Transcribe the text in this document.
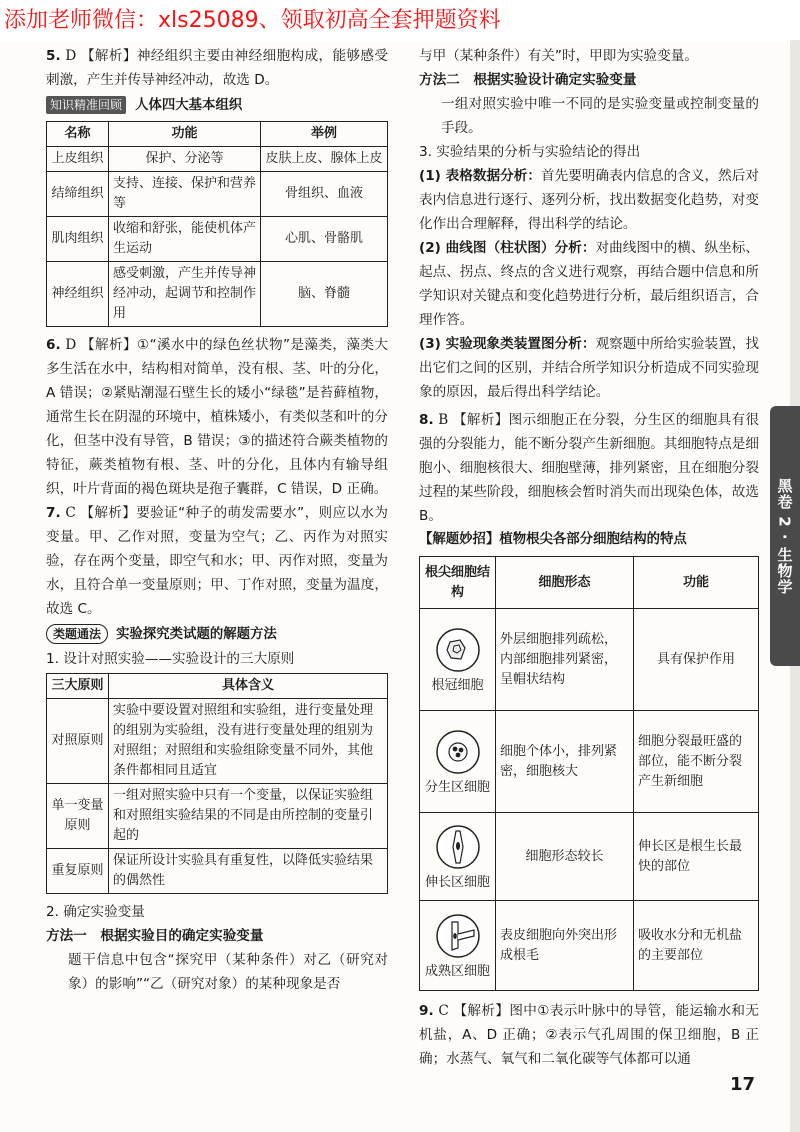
添加老师微信：xls25089、领取初高全套押题资料
黑卷 2 · 生物学

5. D 【解析】神经组织主要由神经细胞构成，能够感受刺激，产生并传导神经冲动，故选 D。

知识精准回顾 人体四大基本组织
名称	功能	举例
上皮组织	保护、分泌等	皮肤上皮、腺体上皮
结缔组织	支持、连接、保护和营养等	骨组织、血液
肌肉组织	收缩和舒张，能使机体产生运动	心肌、骨骼肌
神经组织	感受刺激，产生并传导神经冲动，起调节和控制作用	脑、脊髓

6. D 【解析】①“溪水中的绿色丝状物”是藻类，藻类大多生活在水中，结构相对简单，没有根、茎、叶的分化，A 错误；②紧贴潮湿石壁生长的矮小“绿毯”是苔藓植物，通常生长在阴湿的环境中，植株矮小，有类似茎和叶的分化，但茎中没有导管，B 错误；③的描述符合蕨类植物的特征，蕨类植物有根、茎、叶的分化，且体内有输导组织，叶片背面的褐色斑块是孢子囊群，C 错误，D 正确。

7. C 【解析】要验证“种子的萌发需要水”，则应以水为变量。甲、乙作对照，变量为空气；乙、丙作为对照实验，存在两个变量，即空气和水；甲、丙作对照，变量为水，且符合单一变量原则；甲、丁作对照，变量为温度，故选 C。

类题通法 实验探究类试题的解题方法
1. 设计对照实验——实验设计的三大原则
三大原则	具体含义
对照原则	实验中要设置对照组和实验组，进行变量处理的组别为实验组，没有进行变量处理的组别为对照组；对照组和实验组除变量不同外，其他条件都相同且适宜
单一变量原则	一组对照实验中只有一个变量，以保证实验组和对照组实验结果的不同是由所控制的变量引起的
重复原则	保证所设计实验具有重复性，以降低实验结果的偶然性
2. 确定实验变量
方法一　根据实验目的确定实验变量

题干信息中包含“探究甲（某种条件）对乙（研究对象）的影响”“乙（研究对象）的某种现象是否

与甲（某种条件）有关”时，甲即为实验变量。

方法二　根据实验设计确定实验变量

一组对照实验中唯一不同的是实验变量或控制变量的手段。

3. 实验结果的分析与实验结论的得出

(1) 表格数据分析：首先要明确表内信息的含义，然后对表内信息进行逐行、逐列分析，找出数据变化趋势，对变化作出合理解释，得出科学的结论。

(2) 曲线图（柱状图）分析：对曲线图中的横、纵坐标、起点、拐点、终点的含义进行观察，再结合题中信息和所学知识对关键点和变化趋势进行分析，最后组织语言，合理作答。

(3) 实验现象类装置图分析：观察题中所给实验装置，找出它们之间的区别，并结合所学知识分析造成不同实验现象的原因，最后得出科学结论。

8. B 【解析】图示细胞正在分裂，分生区的细胞具有很强的分裂能力，能不断分裂产生新细胞。其细胞特点是细胞小、细胞核很大、细胞壁薄，排列紧密，且在细胞分裂过程的某些阶段，细胞核会暂时消失而出现染色体，故选 B。

【解题妙招】植物根尖各部分细胞结构的特点
根尖细胞结构	细胞形态	功能

根冠细胞	外层细胞排列疏松，内部细胞排列紧密，呈帽状结构	具有保护作用

分生区细胞	细胞个体小，排列紧密，细胞核大	细胞分裂最旺盛的部位，能不断分裂产生新细胞

伸长区细胞	细胞形态较长	伸长区是根生长最快的部位

成熟区细胞	表皮细胞向外突出形成根毛	吸收水分和无机盐的主要部位

9. C 【解析】图中①表示叶脉中的导管，能运输水和无机盐，A、D 正确；②表示气孔周围的保卫细胞，B 正确；水蒸气、氧气和二氧化碳等气体都可以通

17
